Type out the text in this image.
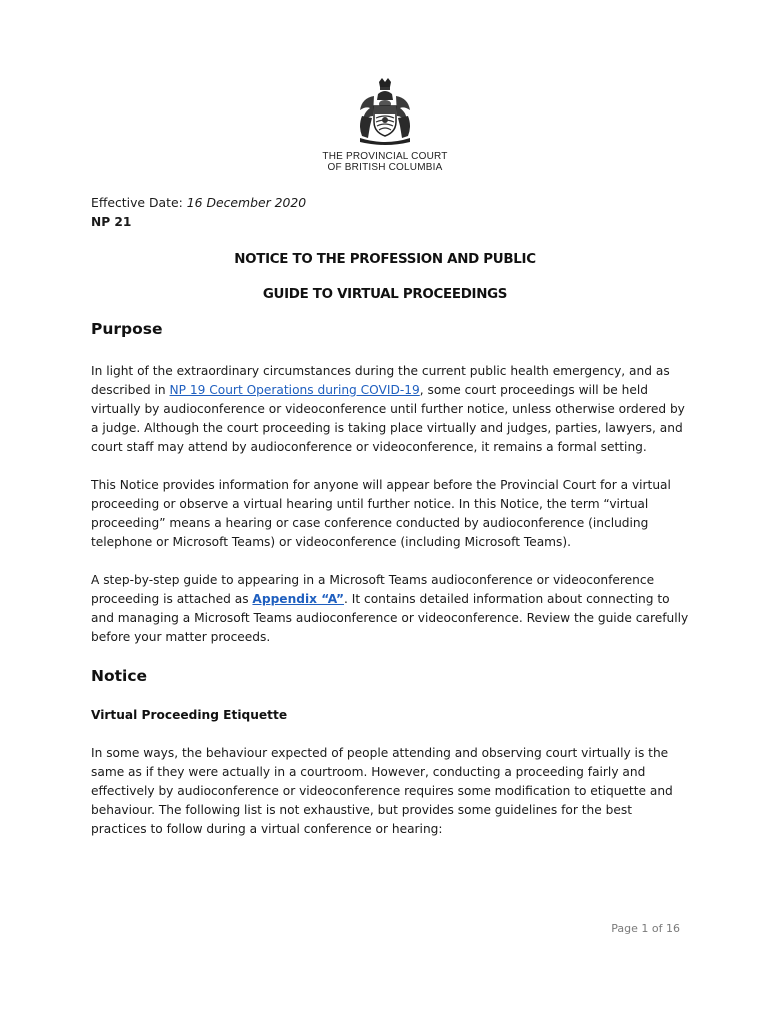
THE PROVINCIAL COURT
OF BRITISH COLUMBIA
Effective Date: 16 December 2020
NP 21
NOTICE TO THE PROFESSION AND PUBLIC
GUIDE TO VIRTUAL PROCEEDINGS
Purpose
In light of the extraordinary circumstances during the current public health emergency, and as described in NP 19 Court Operations during COVID-19, some court proceedings will be held virtually by audioconference or videoconference until further notice, unless otherwise ordered by a judge. Although the court proceeding is taking place virtually and judges, parties, lawyers, and court staff may attend by audioconference or videoconference, it remains a formal setting.
This Notice provides information for anyone will appear before the Provincial Court for a virtual proceeding or observe a virtual hearing until further notice. In this Notice, the term “virtual proceeding” means a hearing or case conference conducted by audioconference (including telephone or Microsoft Teams) or videoconference (including Microsoft Teams).
A step-by-step guide to appearing in a Microsoft Teams audioconference or videoconference proceeding is attached as Appendix “A”. It contains detailed information about connecting to and managing a Microsoft Teams audioconference or videoconference. Review the guide carefully before your matter proceeds.
Notice
Virtual Proceeding Etiquette
In some ways, the behaviour expected of people attending and observing court virtually is the same as if they were actually in a courtroom. However, conducting a proceeding fairly and effectively by audioconference or videoconference requires some modification to etiquette and behaviour. The following list is not exhaustive, but provides some guidelines for the best practices to follow during a virtual conference or hearing:
Page 1 of 16
